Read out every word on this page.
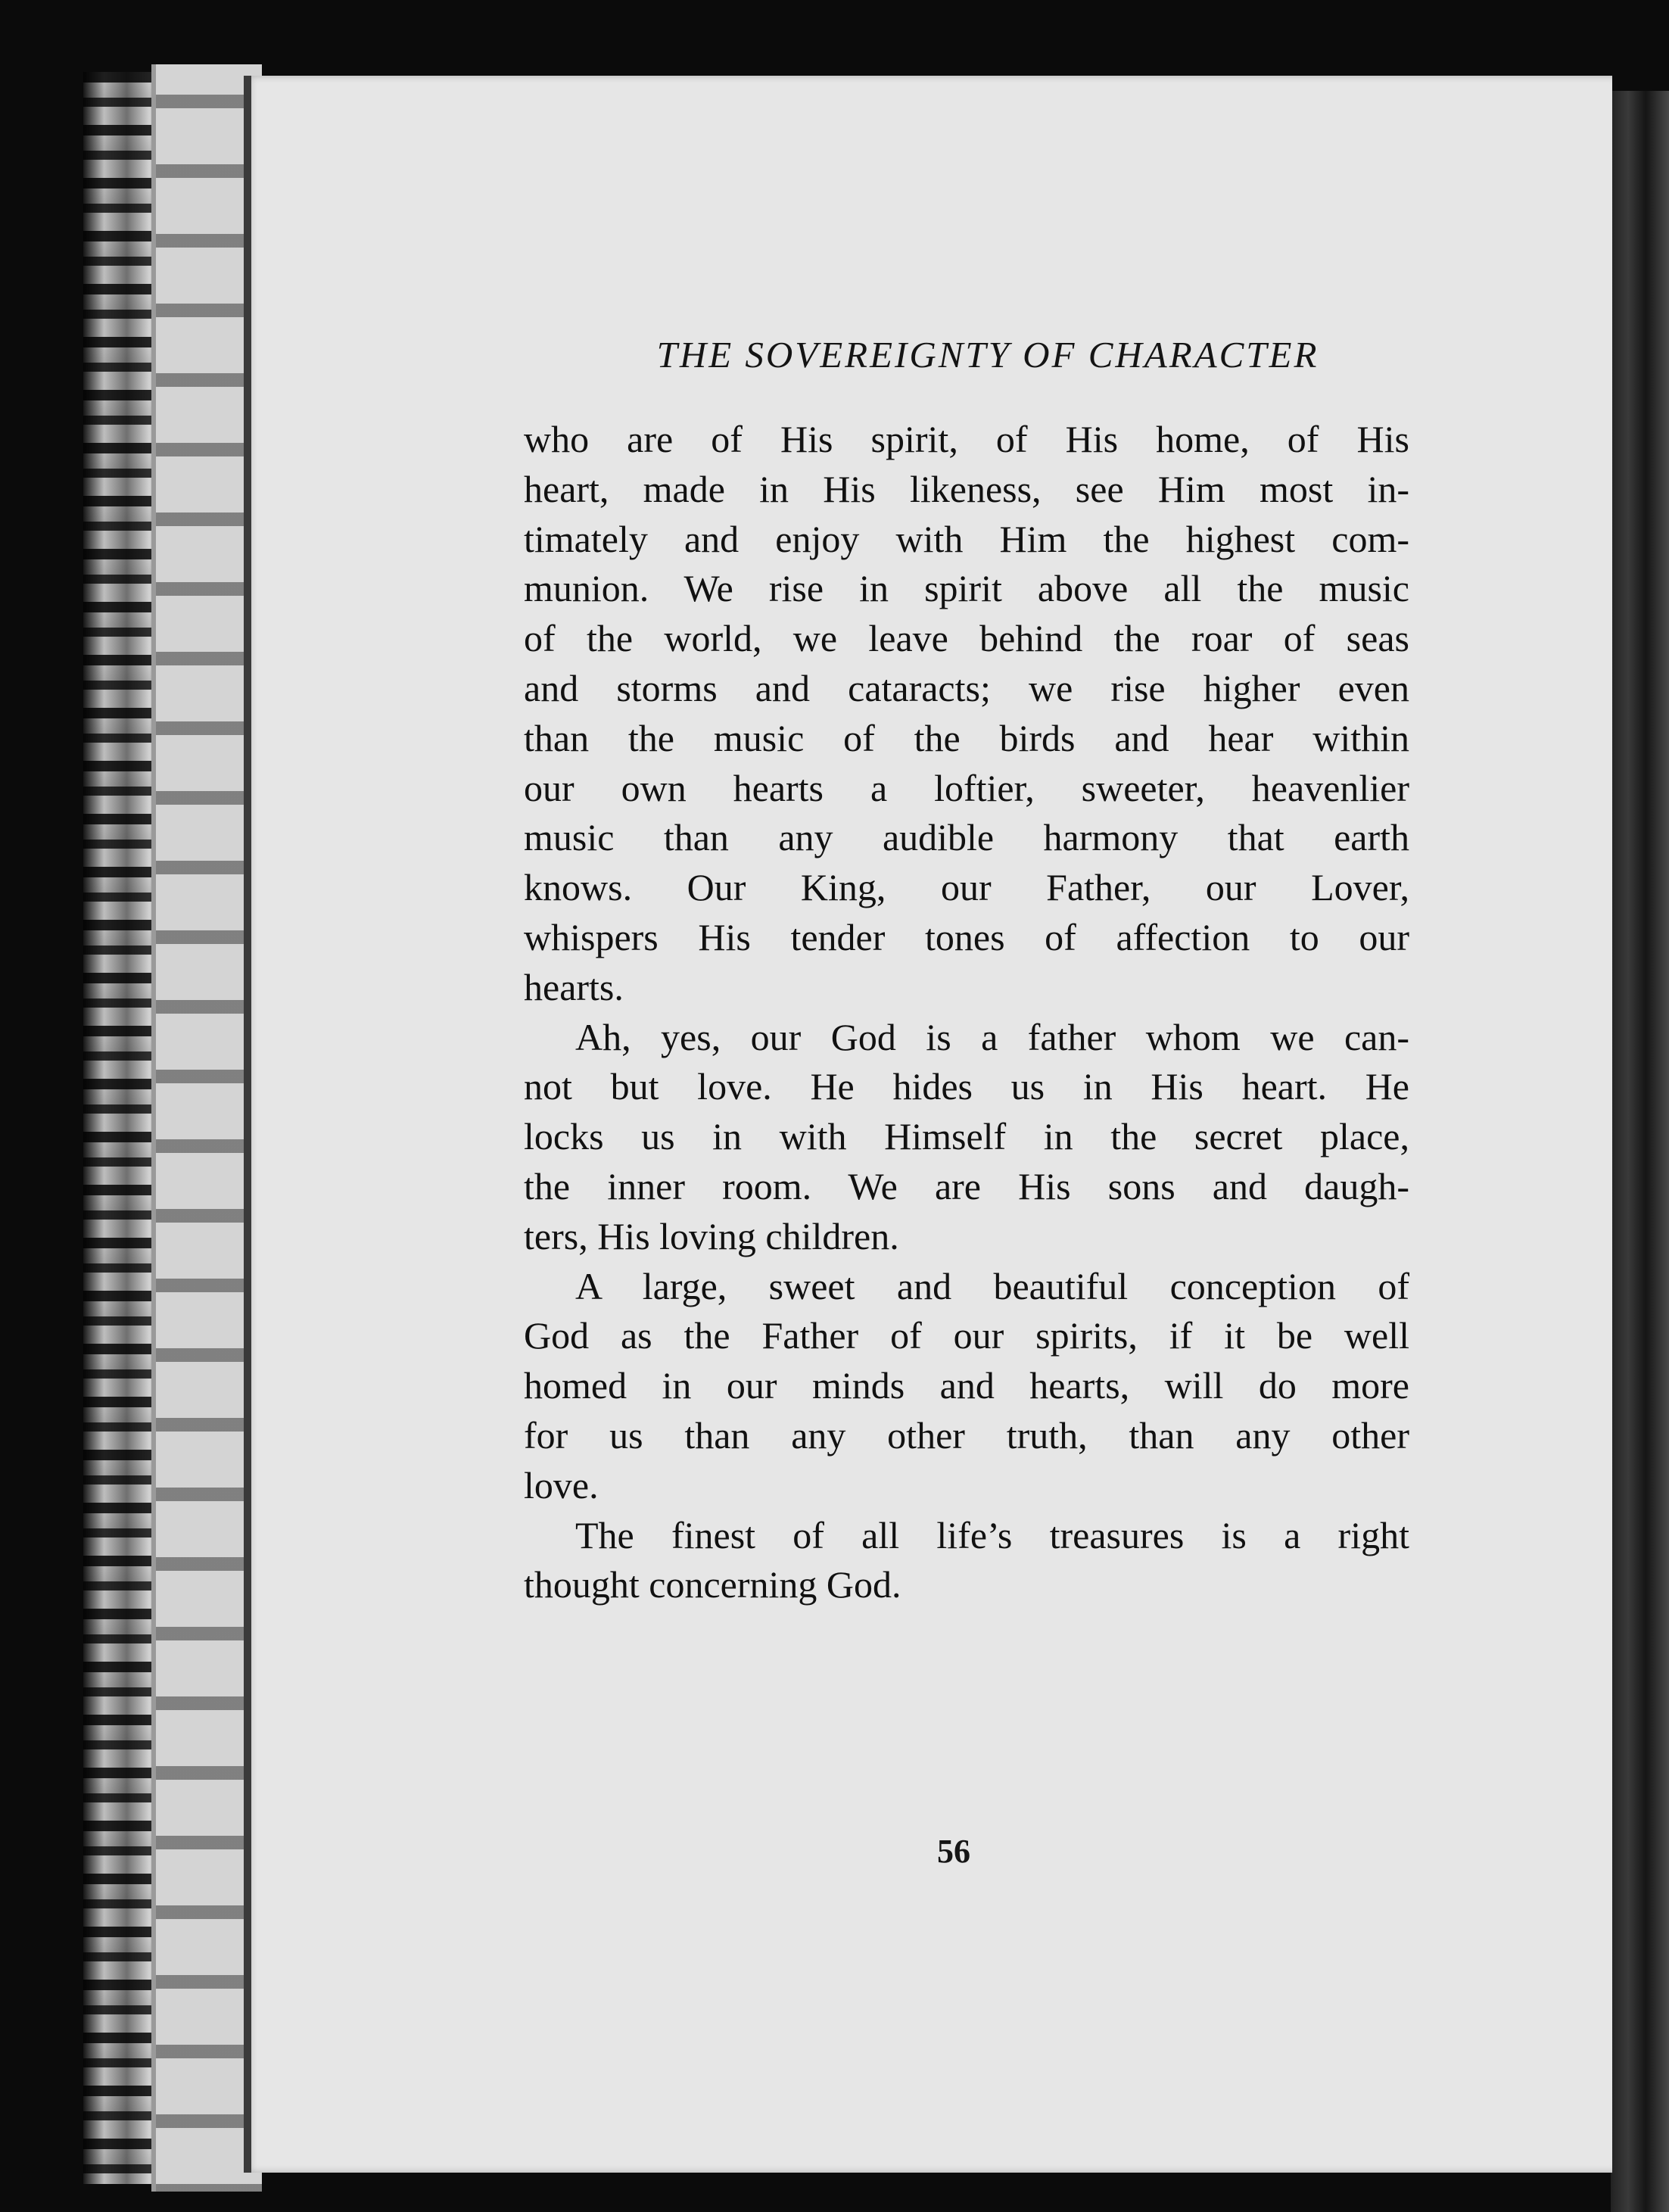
THE SOVEREIGNTY OF CHARACTER
who are of His spirit, of His home, of His
heart, made in His likeness, see Him most in-
timately and enjoy with Him the highest com-
munion. We rise in spirit above all the music
of the world, we leave behind the roar of seas
and storms and cataracts; we rise higher even
than the music of the birds and hear within
our own hearts a loftier, sweeter, heavenlier
music than any audible harmony that earth
knows. Our King, our Father, our Lover,
whispers His tender tones of affection to our
hearts.
Ah, yes, our God is a father whom we can-
not but love. He hides us in His heart. He
locks us in with Himself in the secret place,
the inner room. We are His sons and daugh-
ters, His loving children.
A large, sweet and beautiful conception of
God as the Father of our spirits, if it be well
homed in our minds and hearts, will do more
for us than any other truth, than any other
love.
The finest of all life’s treasures is a right
thought concerning God.
56
